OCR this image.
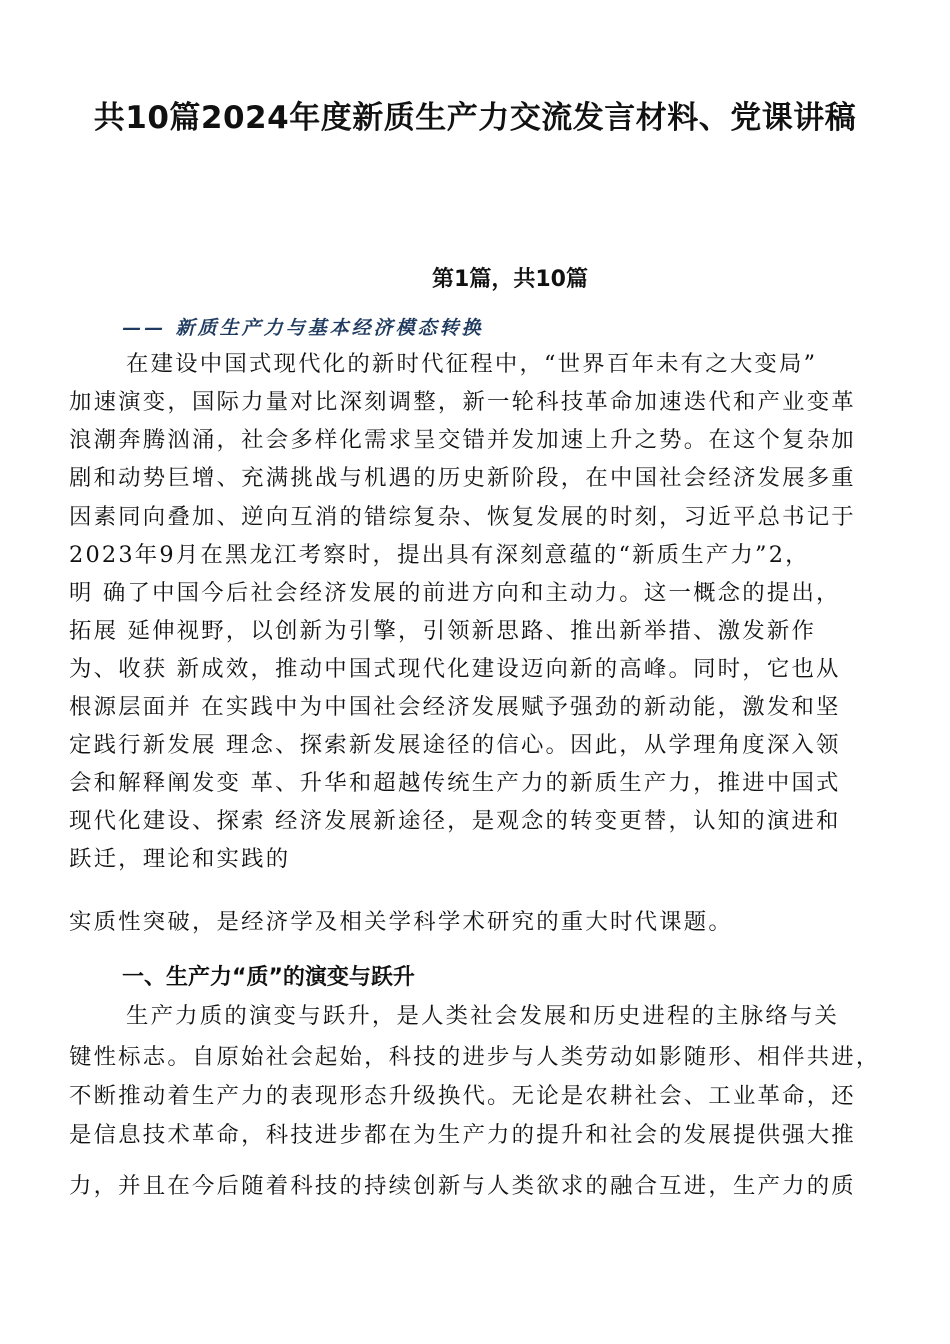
共10篇2024年度新质生产力交流发言材料、党课讲稿
第1篇，共10篇
—— 新质生产力与基本经济模态转换

在建设中国式现代化的新时代征程中，“世界百年未有之大变局”

加速演变，国际力量对比深刻调整，新一轮科技革命加速迭代和产业变革

浪潮奔腾汹涌，社会多样化需求呈交错并发加速上升之势。在这个复杂加

剧和动势巨增、充满挑战与机遇的历史新阶段，在中国社会经济发展多重

因素同向叠加、逆向互消的错综复杂、恢复发展的时刻，习近平总书记于

2023年9月在黑龙江考察时，提出具有深刻意蕴的“新质生产力”2，

明 确了中国今后社会经济发展的前进方向和主动力。这一概念的提出，

拓展 延伸视野，以创新为引擎，引领新思路、推出新举措、激发新作

为、收获 新成效，推动中国式现代化建设迈向新的高峰。同时，它也从

根源层面并 在实践中为中国社会经济发展赋予强劲的新动能，激发和坚

定践行新发展 理念、探索新发展途径的信心。因此，从学理角度深入领

会和解释阐发变 革、升华和超越传统生产力的新质生产力，推进中国式

现代化建设、探索 经济发展新途径，是观念的转变更替，认知的演进和

跃迁，理论和实践的

实质性突破，是经济学及相关学科学术研究的重大时代课题。

一、生产力“质”的演变与跃升

生产力质的演变与跃升，是人类社会发展和历史进程的主脉络与关

键性标志。自原始社会起始，科技的进步与人类劳动如影随形、相伴共进，

不断推动着生产力的表现形态升级换代。无论是农耕社会、工业革命，还

是信息技术革命，科技进步都在为生产力的提升和社会的发展提供强大推

力，并且在今后随着科技的持续创新与人类欲求的融合互进，生产力的质
